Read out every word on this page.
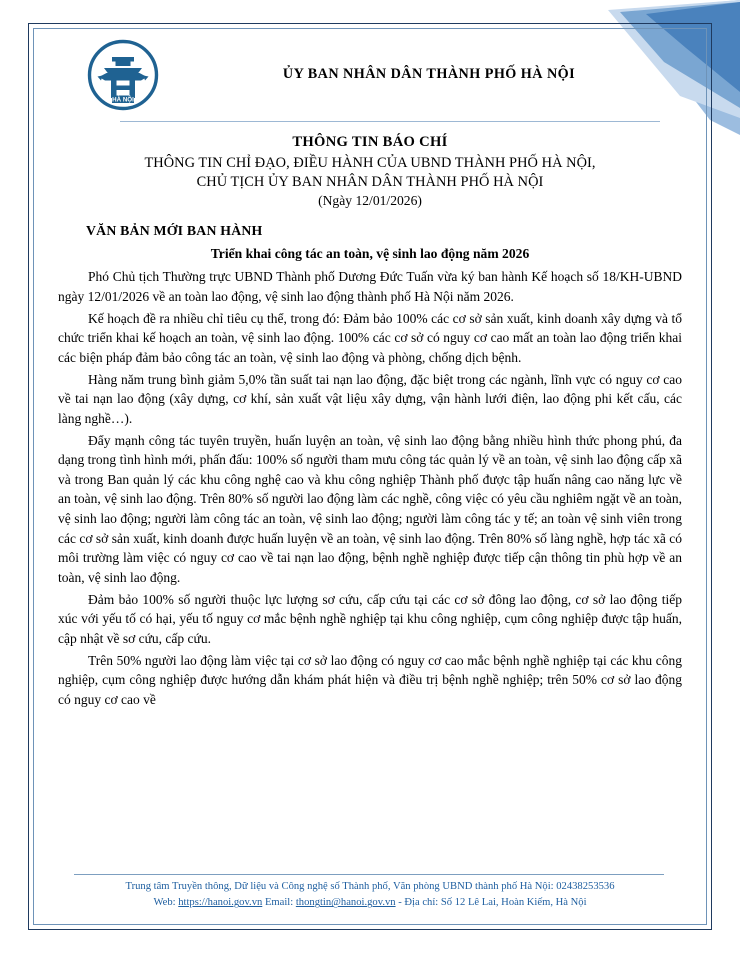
HÀ NỘI
ỦY BAN NHÂN DÂN THÀNH PHỐ HÀ NỘI
THÔNG TIN BÁO CHÍ
THÔNG TIN CHỈ ĐẠO, ĐIỀU HÀNH CỦA UBND THÀNH PHỐ HÀ NỘI,
CHỦ TỊCH ỦY BAN NHÂN DÂN THÀNH PHỐ HÀ NỘI
(Ngày 12/01/2026)
VĂN BẢN MỚI BAN HÀNH
Triển khai công tác an toàn, vệ sinh lao động năm 2026

Phó Chủ tịch Thường trực UBND Thành phố Dương Đức Tuấn vừa ký ban hành Kế hoạch số 18/KH-UBND ngày 12/01/2026 về an toàn lao động, vệ sinh lao động thành phố Hà Nội năm 2026.

Kế hoạch đề ra nhiều chỉ tiêu cụ thể, trong đó: Đảm bảo 100% các cơ sở sản xuất, kinh doanh xây dựng và tổ chức triển khai kế hoạch an toàn, vệ sinh lao động. 100% các cơ sở có nguy cơ cao mất an toàn lao động triển khai các biện pháp đảm bảo công tác an toàn, vệ sinh lao động và phòng, chống dịch bệnh.

Hàng năm trung bình giảm 5,0% tần suất tai nạn lao động, đặc biệt trong các ngành, lĩnh vực có nguy cơ cao về tai nạn lao động (xây dựng, cơ khí, sản xuất vật liệu xây dựng, vận hành lưới điện, lao động phi kết cấu, các làng nghề…).

Đẩy mạnh công tác tuyên truyền, huấn luyện an toàn, vệ sinh lao động bằng nhiều hình thức phong phú, đa dạng trong tình hình mới, phấn đấu: 100% số người tham mưu công tác quản lý về an toàn, vệ sinh lao động cấp xã và trong Ban quản lý các khu công nghệ cao và khu công nghiệp Thành phố được tập huấn nâng cao năng lực về an toàn, vệ sinh lao động. Trên 80% số người lao động làm các nghề, công việc có yêu cầu nghiêm ngặt về an toàn, vệ sinh lao động; người làm công tác an toàn, vệ sinh lao động; người làm công tác y tế; an toàn vệ sinh viên trong các cơ sở sản xuất, kinh doanh được huấn luyện về an toàn, vệ sinh lao động. Trên 80% số làng nghề, hợp tác xã có môi trường làm việc có nguy cơ cao về tai nạn lao động, bệnh nghề nghiệp được tiếp cận thông tin phù hợp về an toàn, vệ sinh lao động.

Đảm bảo 100% số người thuộc lực lượng sơ cứu, cấp cứu tại các cơ sở đông lao động, cơ sở lao động tiếp xúc với yếu tố có hại, yếu tố nguy cơ mắc bệnh nghề nghiệp tại khu công nghiệp, cụm công nghiệp được tập huấn, cập nhật về sơ cứu, cấp cứu.

Trên 50% người lao động làm việc tại cơ sở lao động có nguy cơ cao mắc bệnh nghề nghiệp tại các khu công nghiệp, cụm công nghiệp được hướng dẫn khám phát hiện và điều trị bệnh nghề nghiệp; trên 50% cơ sở lao động có nguy cơ cao về

Trung tâm Truyền thông, Dữ liệu và Công nghệ số Thành phố, Văn phòng UBND thành phố Hà Nội: 02438253536
Web: https://hanoi.gov.vn Email: thongtin@hanoi.gov.vn - Địa chỉ: Số 12 Lê Lai, Hoàn Kiếm, Hà Nội
